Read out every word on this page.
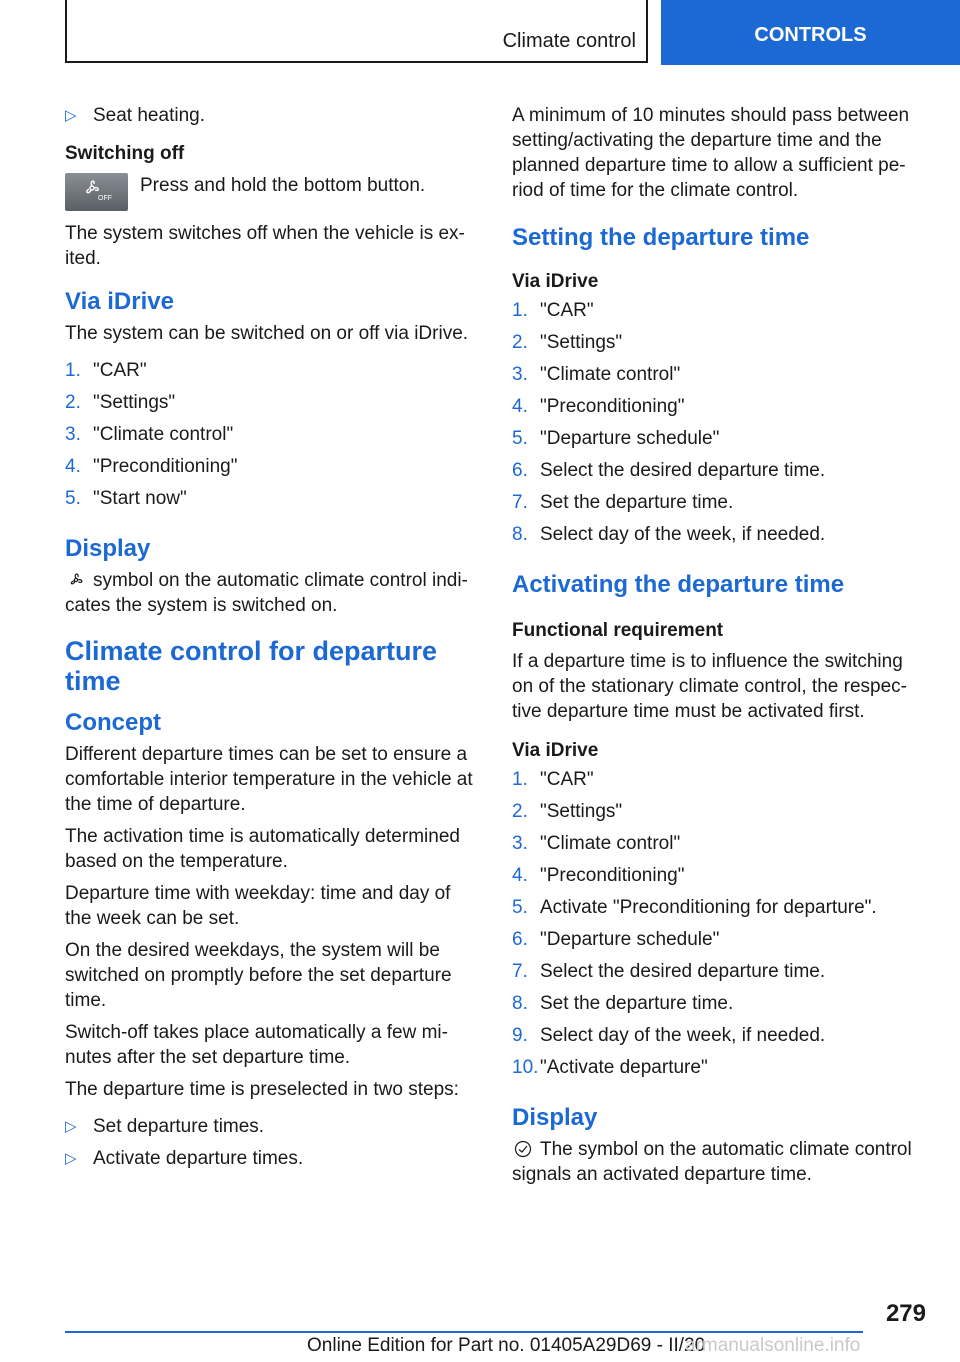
Climate control	CONTROLS
▷ Seat heating.

Switching off

OFF
Press and hold the bottom button.

The system switches off when the vehicle is ex-ited.

Via iDrive

The system can be switched on or off via iDrive.

1. "CAR"
2. "Settings"
3. "Climate control"
4. "Preconditioning"
5. "Start now"
Display

symbol on the automatic climate control indi-cates the system is switched on.

Climate control for departure time
Concept

Different departure times can be set to ensure a comfortable interior temperature in the vehicle at the time of departure.

The activation time is automatically determined based on the temperature.

Departure time with weekday: time and day of the week can be set.

On the desired weekdays, the system will be switched on promptly before the set departure time.

Switch-off takes place automatically a few mi-nutes after the set departure time.

The departure time is preselected in two steps:

▷ Set departure times.
▷ Activate departure times.

A minimum of 10 minutes should pass between setting/activating the departure time and the planned departure time to allow a sufficient pe-riod of time for the climate control.

Setting the departure time

Via iDrive

1. "CAR"
2. "Settings"
3. "Climate control"
4. "Preconditioning"
5. "Departure schedule"
6. Select the desired departure time.
7. Set the departure time.
8. Select day of the week, if needed.
Activating the departure time

Functional requirement

If a departure time is to influence the switching on of the stationary climate control, the respec-tive departure time must be activated first.

Via iDrive

1. "CAR"
2. "Settings"
3. "Climate control"
4. "Preconditioning"
5. Activate "Preconditioning for departure".
6. "Departure schedule"
7. Select the desired departure time.
8. Set the departure time.
9. Select day of the week, if needed.
10. "Activate departure"
Display

The symbol on the automatic climate control signals an activated departure time.

279
Online Edition for Part no. 01405A29D69 - II/20
armanualsonline.info
